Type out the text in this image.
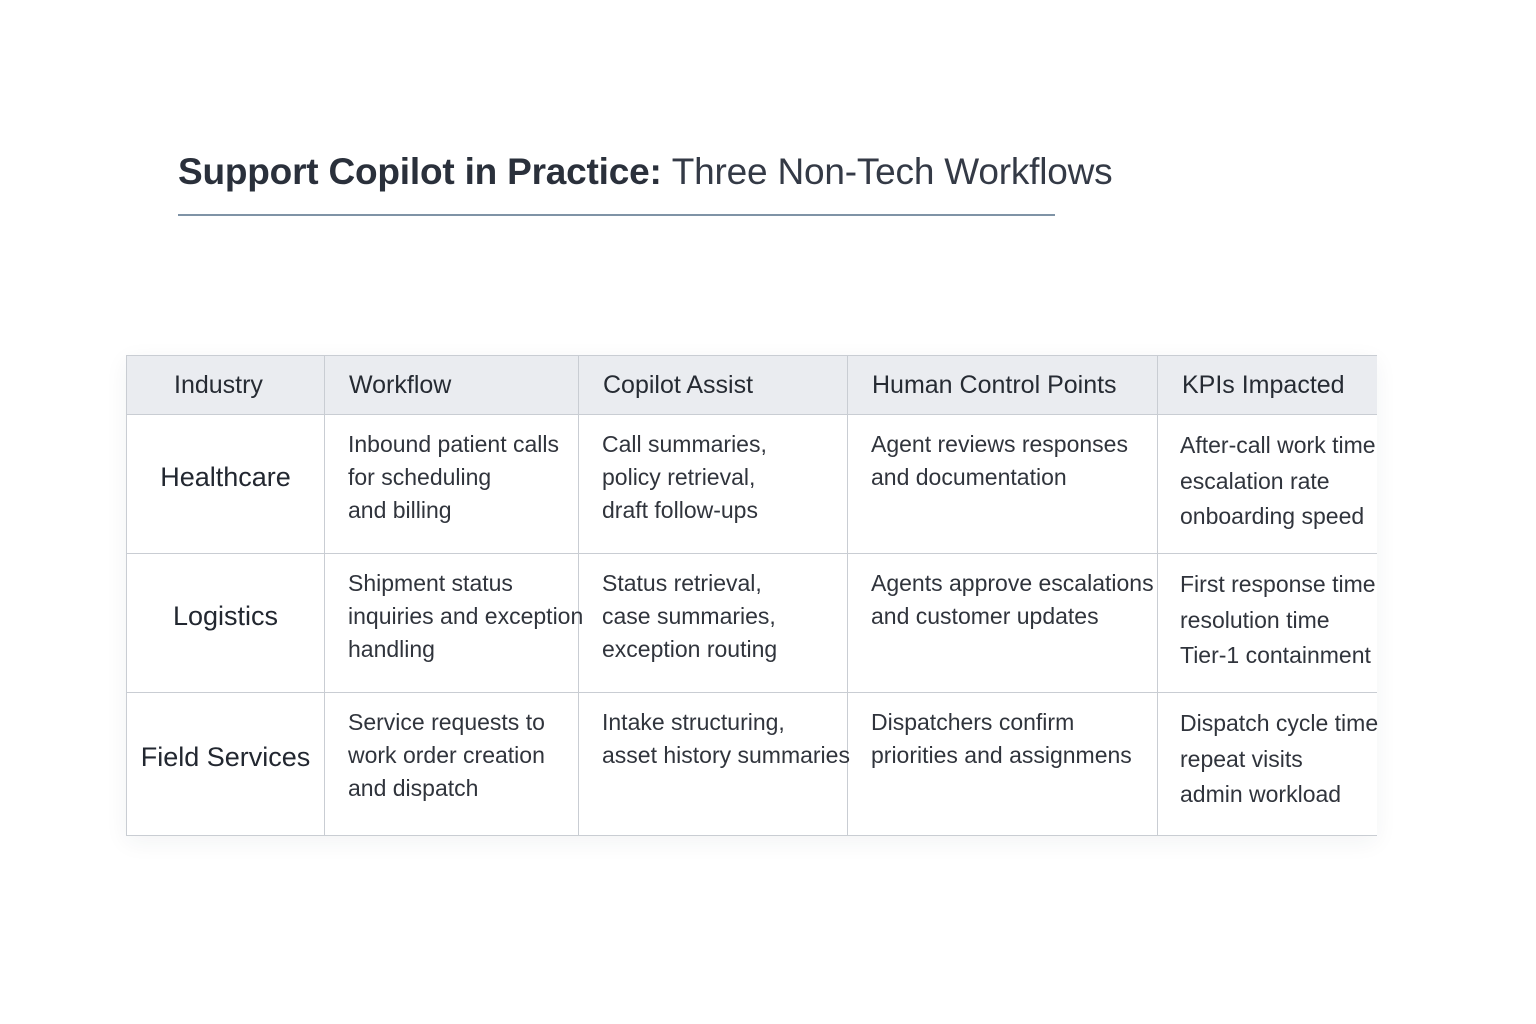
Support Copilot in Practice: Three Non-Tech Workflows
Industry	Workflow	Copilot Assist	Human Control Points	KPIs Impacted
Healthcare	Inbound patient calls
for scheduling
and billing	Call summaries,
policy retrieval,
draft follow-ups	Agent reviews responses
and documentation	After-call work time
escalation rate
onboarding speed

Logistics	Shipment status
inquiries and exception
handling	Status retrieval,
case summaries,
exception routing	Agents approve escalations
and customer updates	First response time
resolution time
Tier-1 containment

Field Services	Service requests to
work order creation
and dispatch	Intake structuring,
asset history summaries	Dispatchers confirm
priorities and assignmens	Dispatch cycle time
repeat visits
admin workload
